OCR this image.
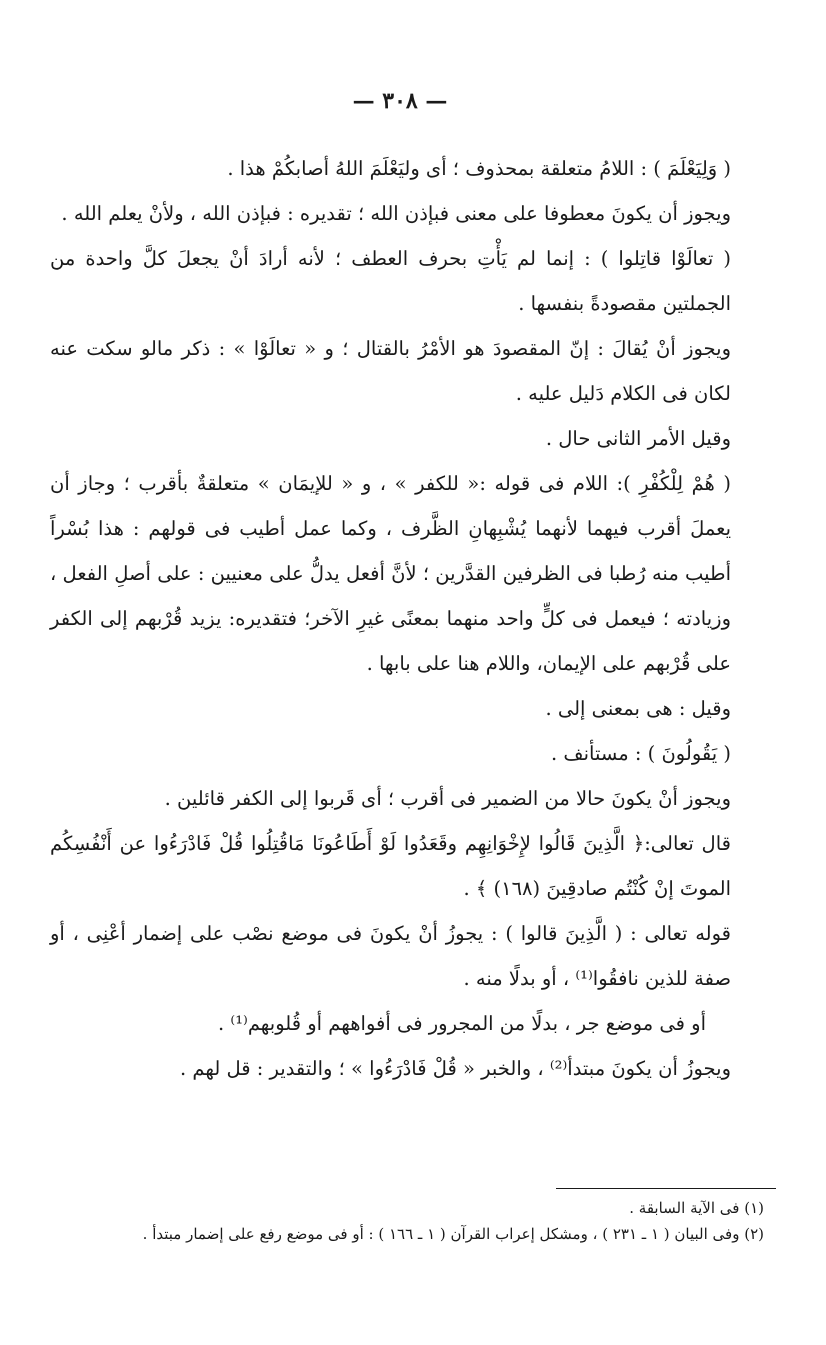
— ٣٠٨ —

( وَلِيَعْلَمَ ) : اللامُ متعلقة بمحذوف ؛ أى وليَعْلَمَ اللهُ أصابكُمْ هذا .

ويجوز أن يكونَ معطوفا على معنى فبإذن الله ؛ تقديره : فبإذن الله ، ولأنْ يعلم الله .

( تعالَوْا قاتِلوا ) : إنما لم يَأْتِ بحرف العطف ؛ لأنه أرادَ أنْ يجعلَ كلَّ واحدة من الجملتين مقصودةً بنفسها .

ويجوز أنْ يُقالَ : إنّ المقصودَ هو الأمْرُ بالقتال ؛ و « تعالَوْا » : ذكر مالو سكت عنه لكان فى الكلام دَليل عليه .

وقيل الأمر الثانى حال .

( هُمْ لِلْكُفْرِ ): اللام فى قوله :« للكفر » ، و « للإيمَان » متعلقةٌ بأقرب ؛ وجاز أن يعملَ أقرب فيهما لأنهما يُشْبِهانِ الظَّرف ، وكما عمل أطيب فى قولهم : هذا بُسْراً أطيب منه رُطبا فى الظرفين القدَّرين ؛ لأنَّ أفعل يدلُّ على معنيين : على أصلِ الفعل ، وزيادته ؛ فيعمل فى كلٍّ واحد منهما بمعنًى غيرِ الآخر؛ فتقديره: يزيد قُرْبهم إلى الكفر على قُرْبهم على الإيمان، واللام هنا على بابها .

وقيل : هى بمعنى إلى .

( يَقُولُونَ ) : مستأنف .

ويجوز أنْ يكونَ حالا من الضمير فى أقرب ؛ أى قَربوا إلى الكفر قائلين .

قال تعالى:﴿ الَّذِينَ قَالُوا لإِخْوَانِهِم وقَعَدُوا لَوْ أَطَاعُونَا مَاقُتِلُوا قُلْ فَادْرَءُوا عن أَنْفُسِكُم الموتَ إنْ كُنْتُم صادقِينَ (١٦٨) ﴾ .

قوله تعالى : ( الَّذِينَ قالوا ) : يجوزُ أنْ يكونَ فى موضع نصْب على إضمار أعْنِى ، أو صفة للذين نافقُوا⁽¹⁾ ، أو بدلًا منه .

أو فى موضع جر ، بدلًا من المجرور فى أفواههم أو قُلوبهم⁽¹⁾ .

ويجوزُ أن يكونَ مبتدأ⁽²⁾ ، والخبر « قُلْ فَادْرَءُوا » ؛ والتقدير : قل لهم .

(١) فى الآية السابقة .

(٢) وفى البيان ( ١ ـ ٢٣١ ) ، ومشكل إعراب القرآن ( ١ ـ ١٦٦ ) : أو فى موضع رفع على إضمار مبتدأ .
